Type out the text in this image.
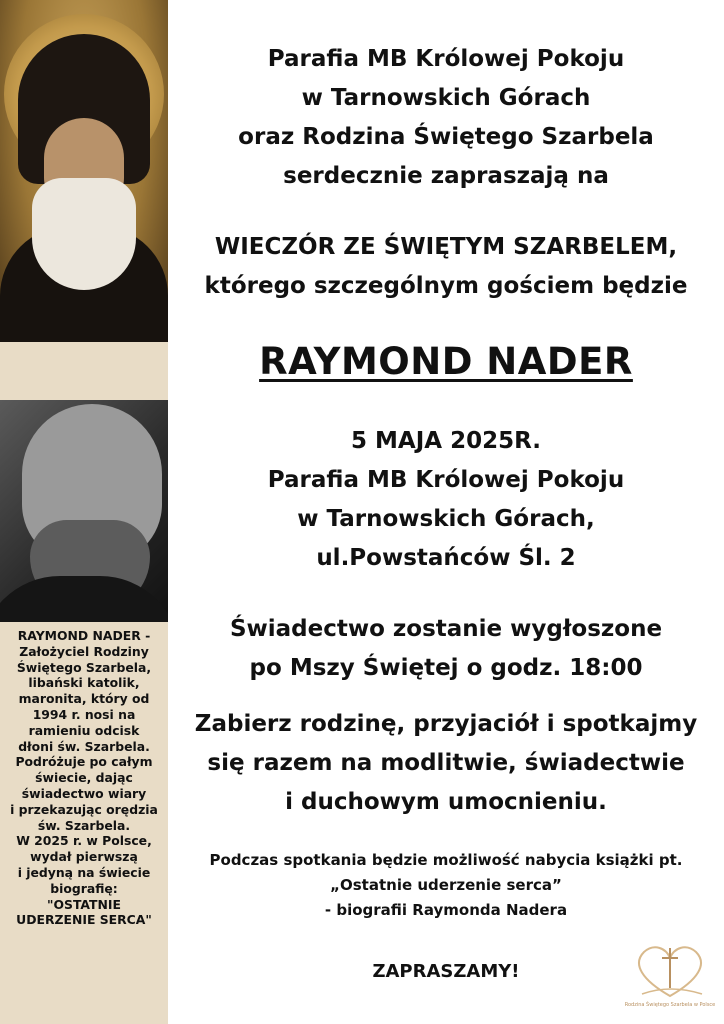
RAYMOND NADER -
Założyciel Rodziny
Świętego Szarbela,
libański katolik,
maronita, który od
1994 r. nosi na
ramieniu odcisk
dłoni św. Szarbela.
Podróżuje po całym
świecie, dając
świadectwo wiary
i przekazując orędzia
św. Szarbela.
W 2025 r. w Polsce,
wydał pierwszą
i jedyną na świecie
biografię:
"OSTATNIE
UDERZENIE SERCA"
Parafia MB Królowej Pokoju
w Tarnowskich Górach
oraz Rodzina Świętego Szarbela
serdecznie zapraszają na
WIECZÓR ZE ŚWIĘTYM SZARBELEM,
którego szczególnym gościem będzie
RAYMOND NADER
5 MAJA 2025R.
Parafia MB Królowej Pokoju
w Tarnowskich Górach,
ul.Powstańców Śl. 2
Świadectwo zostanie wygłoszone
po Mszy Świętej o godz. 18:00
Zabierz rodzinę, przyjaciół i spotkajmy
się razem na modlitwie, świadectwie
i duchowym umocnieniu.
Podczas spotkania będzie możliwość nabycia książki pt.
„Ostatnie uderzenie serca”
- biografii Raymonda Nadera
ZAPRASZAMY!
Rodzina Świętego Szarbela w Polsce
